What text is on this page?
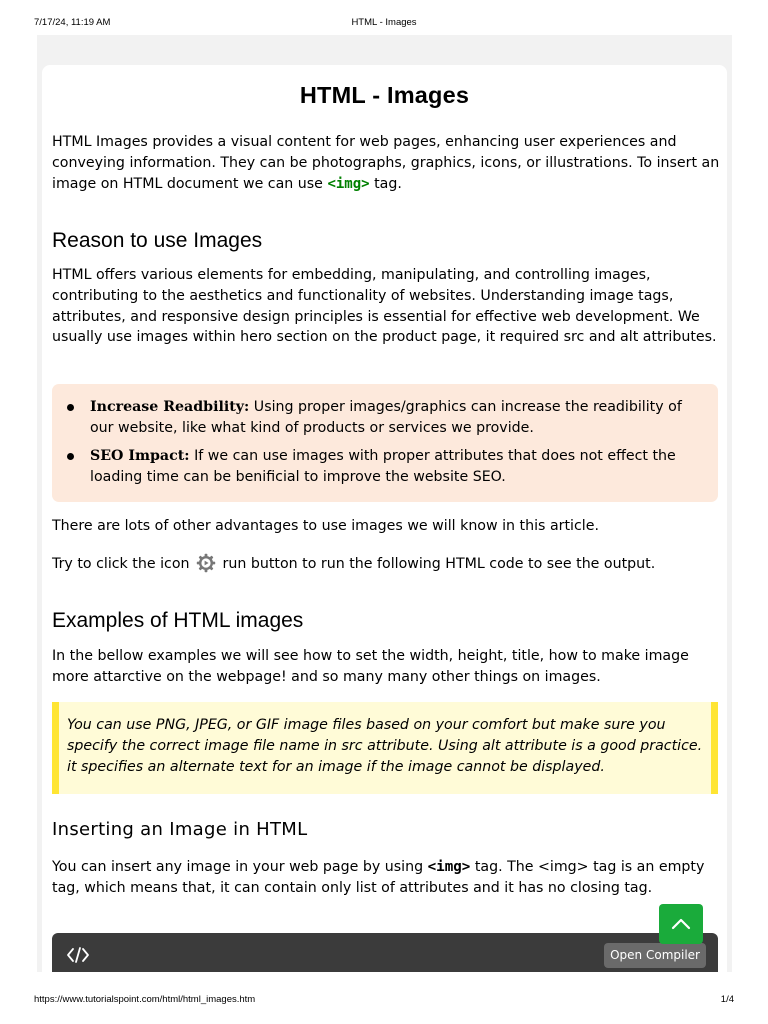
7/17/24, 11:19 AM	HTML - Images
HTML - Images

HTML Images provides a visual content for web pages, enhancing user experiences and conveying information. They can be photographs, graphics, icons, or illustrations. To insert an image on HTML document we can use <img> tag.

Reason to use Images

HTML offers various elements for embedding, manipulating, and controlling images, contributing to the aesthetics and functionality of websites. Understanding image tags, attributes, and responsive design principles is essential for effective web development. We usually use images within hero section on the product page, it required src and alt attributes.

Increase Readbility: Using proper images/graphics can increase the readibility of our website, like what kind of products or services we provide.
SEO Impact: If we can use images with proper attributes that does not effect the loading time can be benificial to improve the website SEO.

There are lots of other advantages to use images we will know in this article.

Try to click the icon  run button to run the following HTML code to see the output.

Examples of HTML images

In the bellow examples we will see how to set the width, height, title, how to make image more attarctive on the webpage! and so many many other things on images.

You can use PNG, JPEG, or GIF image files based on your comfort but make sure you specify the correct image file name in src attribute. Using alt attribute is a good practice. it specifies an alternate text for an image if the image cannot be displayed.

Inserting an Image in HTML

You can insert any image in your web page by using <img> tag. The <img> tag is an empty tag, which means that, it can contain only list of attributes and it has no closing tag.

Open Compiler
https://www.tutorialspoint.com/html/html_images.htm	1/4
